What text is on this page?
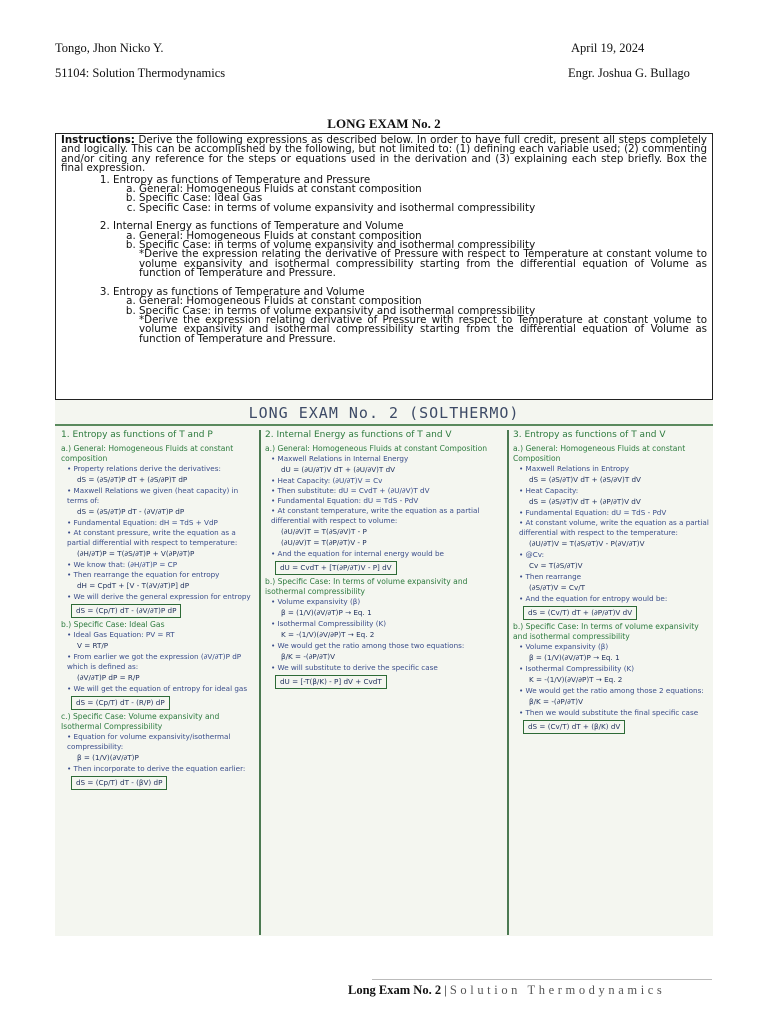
Tongo, Jhon Nicko Y.	April 19, 2024
51104: Solution Thermodynamics	Engr. Joshua G. Bullago
LONG EXAM No. 2
Instructions: Derive the following expressions as described below. In order to have full credit, present all steps completely and logically. This can be accomplished by the following, but not limited to: (1) defining each variable used; (2) commenting and/or citing any reference for the steps or equations used in the derivation and (3) explaining each step briefly. Box the final expression.
1. Entropy as functions of Temperature and Pressure
a. General: Homogeneous Fluids at constant composition
b. Specific Case: Ideal Gas
c. Specific Case: in terms of volume expansivity and isothermal compressibility
2. Internal Energy as functions of Temperature and Volume
a. General: Homogeneous Fluids at constant composition
b. Specific Case: in terms of volume expansivity and isothermal compressibility
*Derive the expression relating the derivative of Pressure with respect to Temperature at constant volume to volume expansivity and isothermal compressibility starting from the differential equation of Volume as function of Temperature and Pressure.
3. Entropy as functions of Temperature and Volume
a. General: Homogeneous Fluids at constant composition
b. Specific Case: in terms of volume expansivity and isothermal compressibility
*Derive the expression relating derivative of Pressure with respect to Temperature at constant volume to volume expansivity and isothermal compressibility starting from the differential equation of Volume as function of Temperature and Pressure.
LONG EXAM No. 2 (SOLTHERMO)
1. Entropy as functions of T and P
a.) General: Homogeneous Fluids at constant composition
• Property relations derive the derivatives:
dS = (∂S/∂T)P dT + (∂S/∂P)T dP
• Maxwell Relations we given (heat capacity) in terms of:
dS = (∂S/∂T)P dT - (∂V/∂T)P dP
• Fundamental Equation: dH = TdS + VdP
• At constant pressure, write the equation as a partial differential with respect to temperature:
(∂H/∂T)P = T(∂S/∂T)P + V(∂P/∂T)P
• We know that: (∂H/∂T)P = CP
• Then rearrange the equation for entropy
dH = CpdT + [V - T(∂V/∂T)P] dP
• We will derive the general expression for entropy
dS = (Cp/T) dT - (∂V/∂T)P dP
b.) Specific Case: Ideal Gas
• Ideal Gas Equation: PV = RT
V = RT/P
• From earlier we got the expression (∂V/∂T)P dP which is defined as:
(∂V/∂T)P dP = R/P
• We will get the equation of entropy for ideal gas
dS = (Cp/T) dT - (R/P) dP
c.) Specific Case: Volume expansivity and Isothermal Compressibility
• Equation for volume expansivity/isothermal compressibility:
β = (1/V)(∂V/∂T)P
• Then incorporate to derive the equation earlier:
dS = (Cp/T) dT - (βV) dP
2. Internal Energy as functions of T and V
a.) General: Homogeneous Fluids at constant Composition
• Maxwell Relations in Internal Energy
dU = (∂U/∂T)V dT + (∂U/∂V)T dV
• Heat Capacity: (∂U/∂T)V = Cv
• Then substitute: dU = CvdT + (∂U/∂V)T dV
• Fundamental Equation: dU = TdS - PdV
• At constant temperature, write the equation as a partial differential with respect to volume:
(∂U/∂V)T = T(∂S/∂V)T - P
(∂U/∂V)T = T(∂P/∂T)V - P
• And the equation for internal energy would be
dU = CvdT + [T(∂P/∂T)V - P] dV
b.) Specific Case: In terms of volume expansivity and isothermal compressibility
• Volume expansivity (β)
β = (1/V)(∂V/∂T)P → Eq. 1
• Isothermal Compressibility (K)
K = -(1/V)(∂V/∂P)T → Eq. 2
• We would get the ratio among those two equations:
β/K = -(∂P/∂T)V
• We will substitute to derive the specific case
dU = [-T(β/K) - P] dV + CvdT
3. Entropy as functions of T and V
a.) General: Homogeneous Fluids at constant Composition
• Maxwell Relations in Entropy
dS = (∂S/∂T)V dT + (∂S/∂V)T dV
• Heat Capacity:
dS = (∂S/∂T)V dT + (∂P/∂T)V dV
• Fundamental Equation: dU = TdS - PdV
• At constant volume, write the equation as a partial differential with respect to the temperature:
(∂U/∂T)V = T(∂S/∂T)V - P(∂V/∂T)V
• @Cv:
Cv = T(∂S/∂T)V
• Then rearrange
(∂S/∂T)V = Cv/T
• And the equation for entropy would be:
dS = (Cv/T) dT + (∂P/∂T)V dV
b.) Specific Case: In terms of volume expansivity and isothermal compressibility
• Volume expansivity (β)
β = (1/V)(∂V/∂T)P → Eq. 1
• Isothermal Compressibility (K)
K = -(1/V)(∂V/∂P)T → Eq. 2
• We would get the ratio among those 2 equations:
β/K = -(∂P/∂T)V
• Then we would substitute the final specific case
dS = (Cv/T) dT + (β/K) dV
Long Exam No. 2 | Solution Thermodynamics
